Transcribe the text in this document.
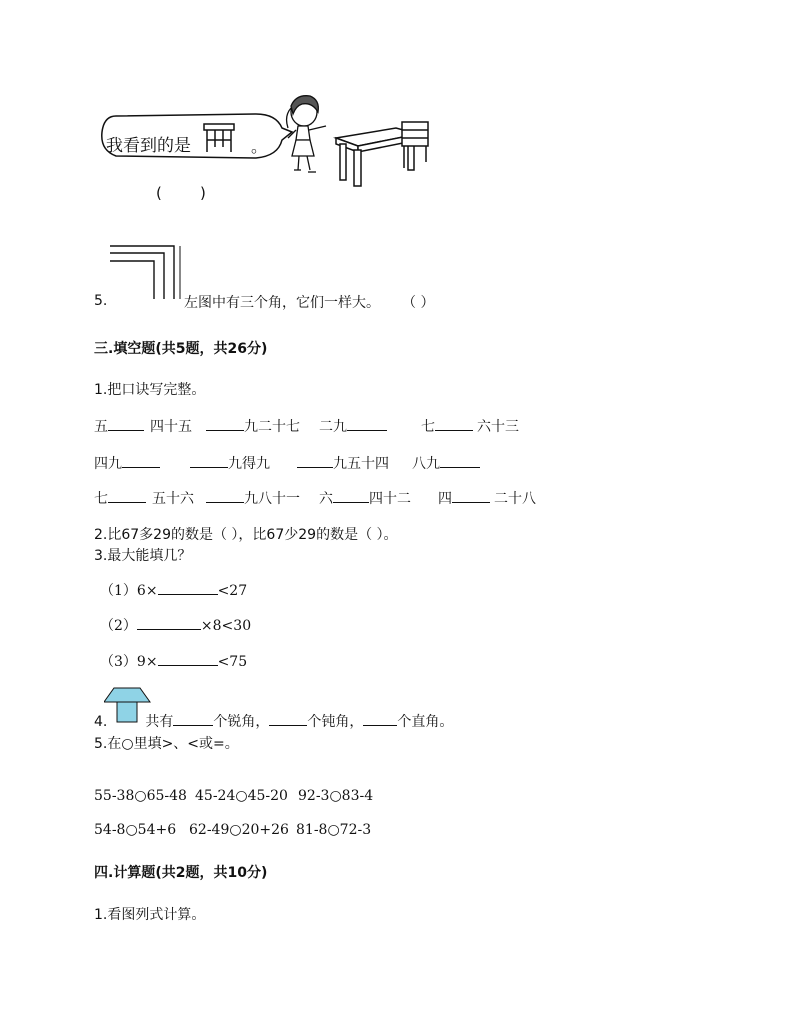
我看到的是	。
(        )
5.	左图中有三个角，它们一样大。 （ ）
三.填空题(共5题，共26分)
1.把口诀写完整。
五	四十五	九二十七 二九	七	六十三
四九	九得九	九五十四 八九
七	五十六	九八十一 六	四十二 四	二十八
2.比67多29的数是（ ），比67少29的数是（ ）。
3.最大能填几？
（1）6×	<27
（2）	×8<30
（3）9×	<75
4.	共有	个锐角，	个钝角， 个直角。
5.在○里填>、<或=。
55-38○65-48 45-24○45-20 92-3○83-4
54-8○54+6 62-49○20+26 81-8○72-3
四.计算题(共2题，共10分)
1.看图列式计算。
